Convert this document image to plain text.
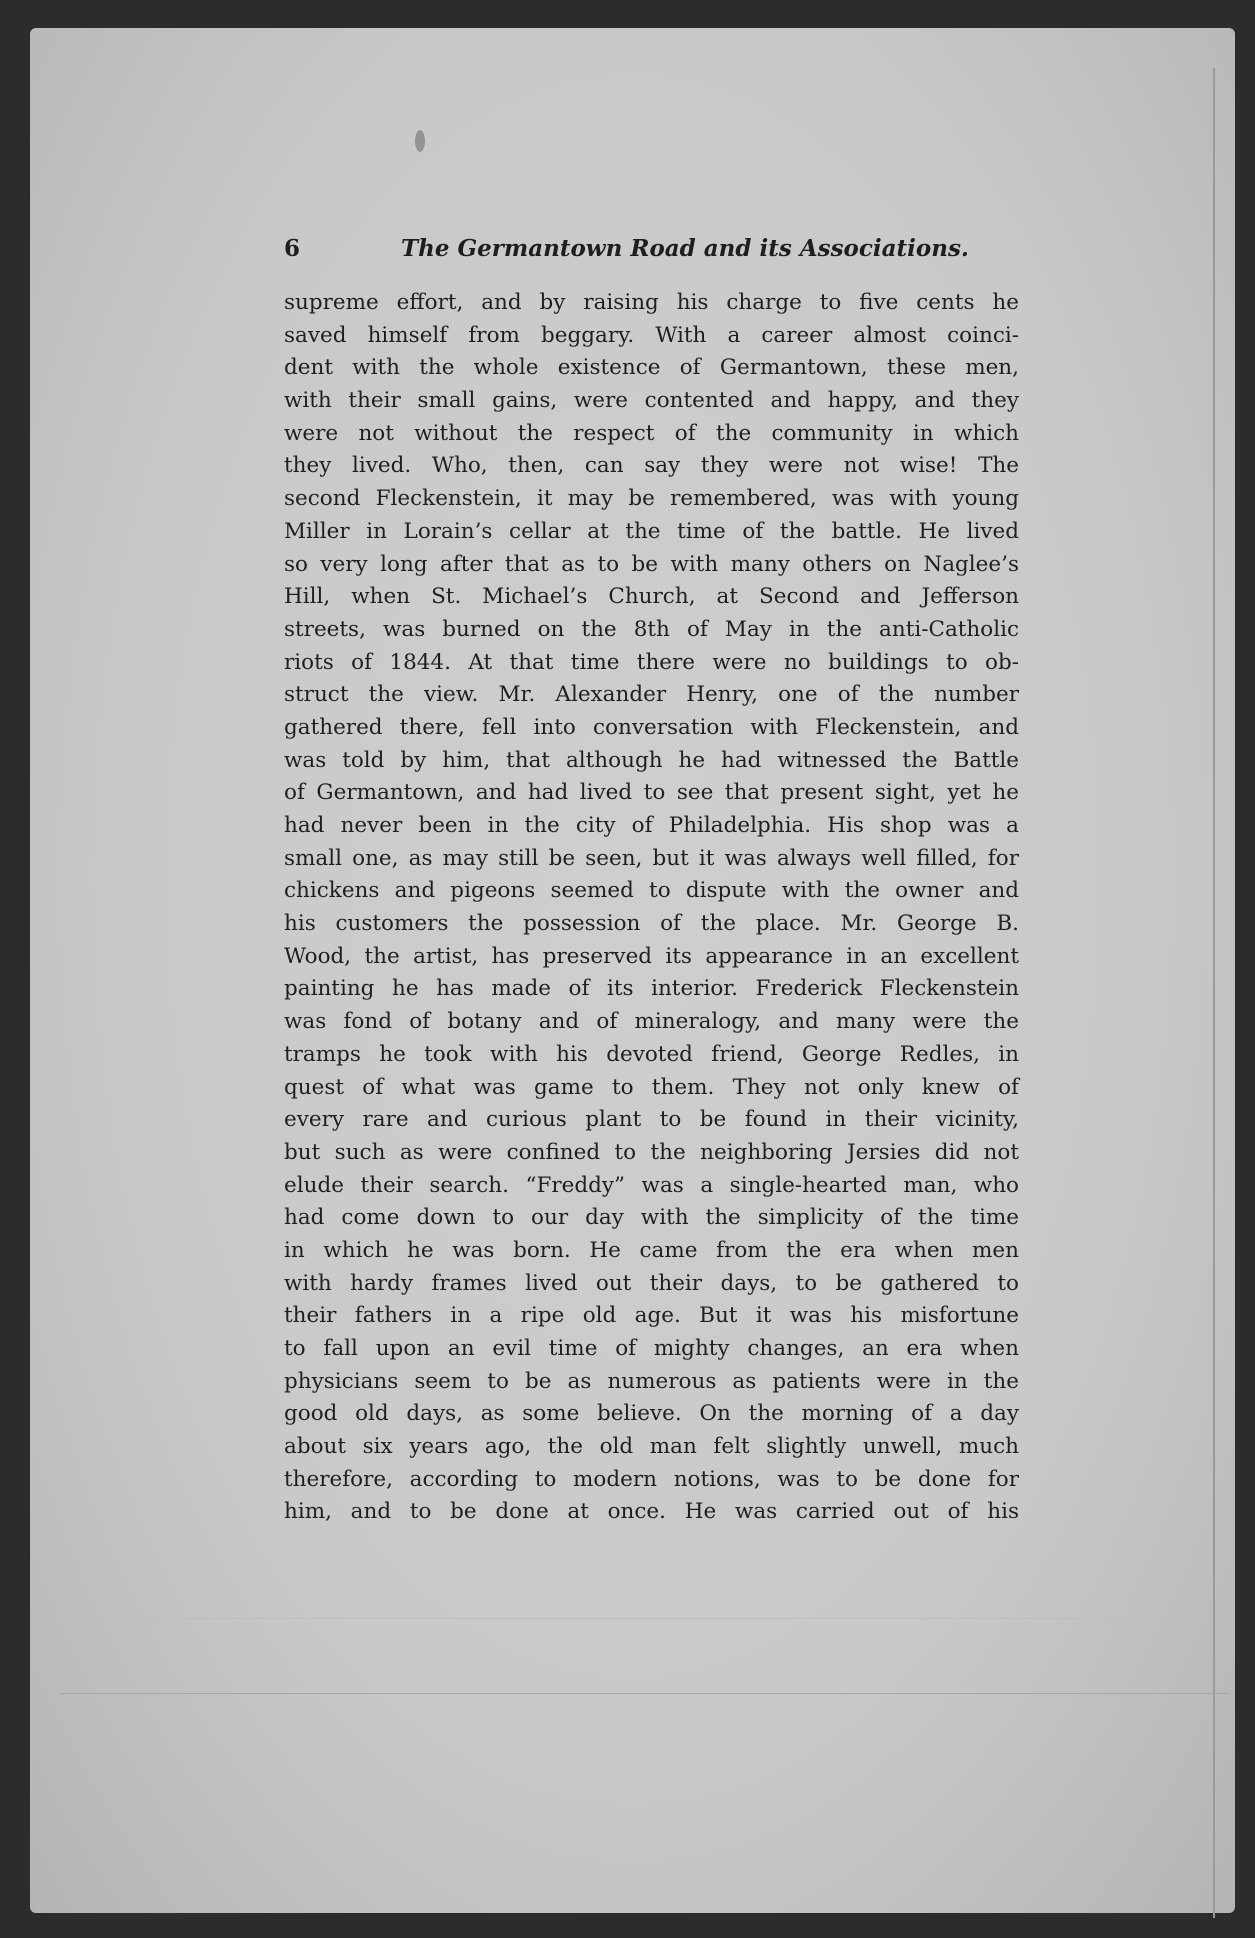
6	The Germantown Road and its Associations.
supreme effort, and by raising his charge to five cents he
saved himself from beggary. With a career almost coinci-
dent with the whole existence of Germantown, these men,
with their small gains, were contented and happy, and they
were not without the respect of the community in which
they lived. Who, then, can say they were not wise! The
second Fleckenstein, it may be remembered, was with young
Miller in Lorain’s cellar at the time of the battle. He lived
so very long after that as to be with many others on Naglee’s
Hill, when St. Michael’s Church, at Second and Jefferson
streets, was burned on the 8th of May in the anti-Catholic
riots of 1844. At that time there were no buildings to ob-
struct the view. Mr. Alexander Henry, one of the number
gathered there, fell into conversation with Fleckenstein, and
was told by him, that although he had witnessed the Battle
of Germantown, and had lived to see that present sight, yet he
had never been in the city of Philadelphia. His shop was a
small one, as may still be seen, but it was always well filled, for
chickens and pigeons seemed to dispute with the owner and
his customers the possession of the place. Mr. George B.
Wood, the artist, has preserved its appearance in an excellent
painting he has made of its interior. Frederick Fleckenstein
was fond of botany and of mineralogy, and many were the
tramps he took with his devoted friend, George Redles, in
quest of what was game to them. They not only knew of
every rare and curious plant to be found in their vicinity,
but such as were confined to the neighboring Jersies did not
elude their search. “Freddy” was a single-hearted man, who
had come down to our day with the simplicity of the time
in which he was born. He came from the era when men
with hardy frames lived out their days, to be gathered to
their fathers in a ripe old age. But it was his misfortune
to fall upon an evil time of mighty changes, an era when
physicians seem to be as numerous as patients were in the
good old days, as some believe. On the morning of a day
about six years ago, the old man felt slightly unwell, much
therefore, according to modern notions, was to be done for
him, and to be done at once. He was carried out of his
